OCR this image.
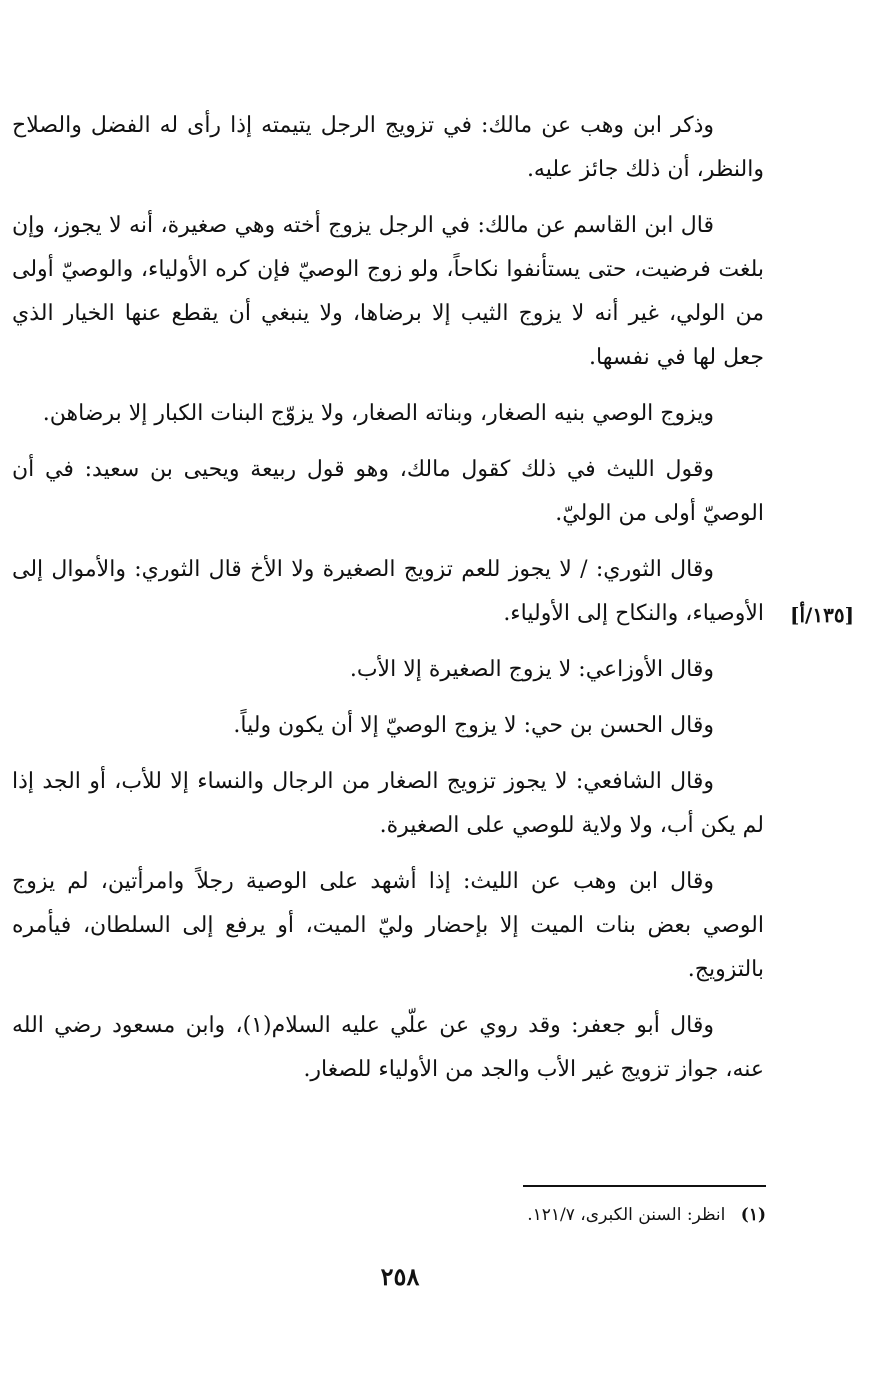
وذكر ابن وهب عن مالك: في تزويج الرجل يتيمته إذا رأى له الفضل والصلاح والنظر، أن ذلك جائز عليه.

قال ابن القاسم عن مالك: في الرجل يزوج أخته وهي صغيرة، أنه لا يجوز، وإن بلغت فرضيت، حتى يستأنفوا نكاحاً، ولو زوج الوصيّ فإن كره الأولياء، والوصيّ أولى من الولي، غير أنه لا يزوج الثيب إلا برضاها، ولا ينبغي أن يقطع عنها الخيار الذي جعل لها في نفسها.

ويزوج الوصي بنيه الصغار، وبناته الصغار، ولا يزوّج البنات الكبار إلا برضاهن.

وقول الليث في ذلك كقول مالك، وهو قول ربيعة ويحيى بن سعيد: في أن الوصيّ أولى من الوليّ.

وقال الثوري: / لا يجوز للعم تزويج الصغيرة ولا الأخ قال الثوري: والأموال إلى الأوصياء، والنكاح إلى الأولياء.

وقال الأوزاعي: لا يزوج الصغيرة إلا الأب.

وقال الحسن بن حي: لا يزوج الوصيّ إلا أن يكون ولياً.

وقال الشافعي: لا يجوز تزويج الصغار من الرجال والنساء إلا للأب، أو الجد إذا لم يكن أب، ولا ولاية للوصي على الصغيرة.

وقال ابن وهب عن الليث: إذا أشهد على الوصية رجلاً وامرأتين، لم يزوج الوصي بعض بنات الميت إلا بإحضار وليّ الميت، أو يرفع إلى السلطان، فيأمره بالتزويج.

وقال أبو جعفر: وقد روي عن علّي عليه السلام(١)، وابن مسعود رضي الله عنه، جواز تزويج غير الأب والجد من الأولياء للصغار.

[١٣٥/أ]
(١) انظر: السنن الكبرى، ١٢١/٧.
٢٥٨
